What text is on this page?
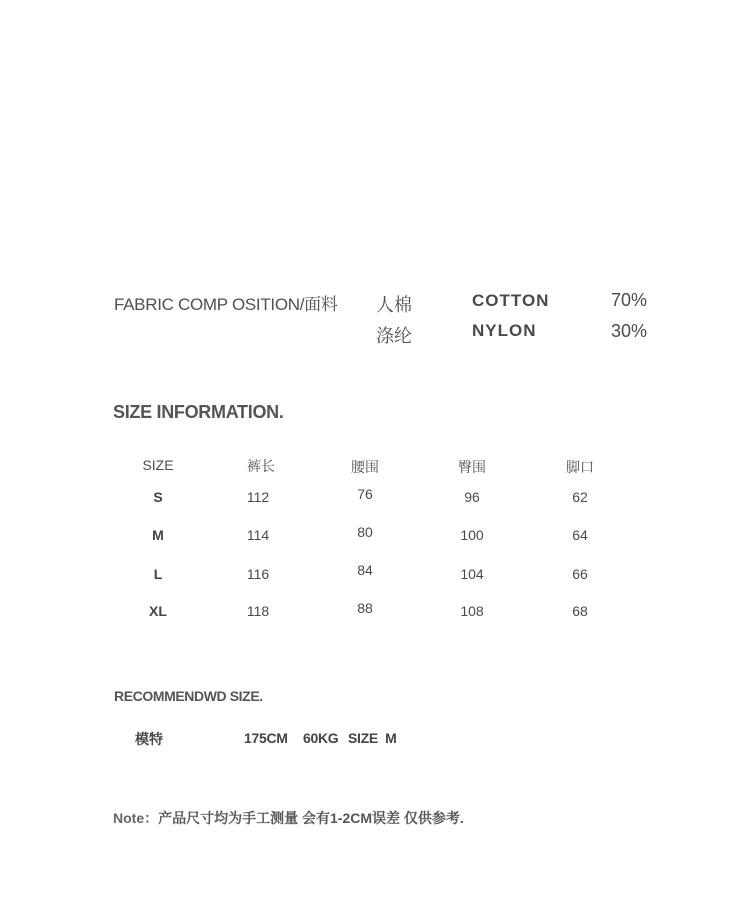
FABRIC COMP OSITION/面料 人棉	COTTON	70%
涤纶	NYLON	30%
SIZE INFORMATION.
SIZE	裤长	腰围	臀围	脚口
S	112	76	96	62
M	114	80	100	64
L	116	84	104	66
XL	118	88	108	68
RECOMMENDWD SIZE.
模特	175CM 60KG SIZE  M
Note：产品尺寸均为手工测量 会有1-2CM误差 仅供参考.
